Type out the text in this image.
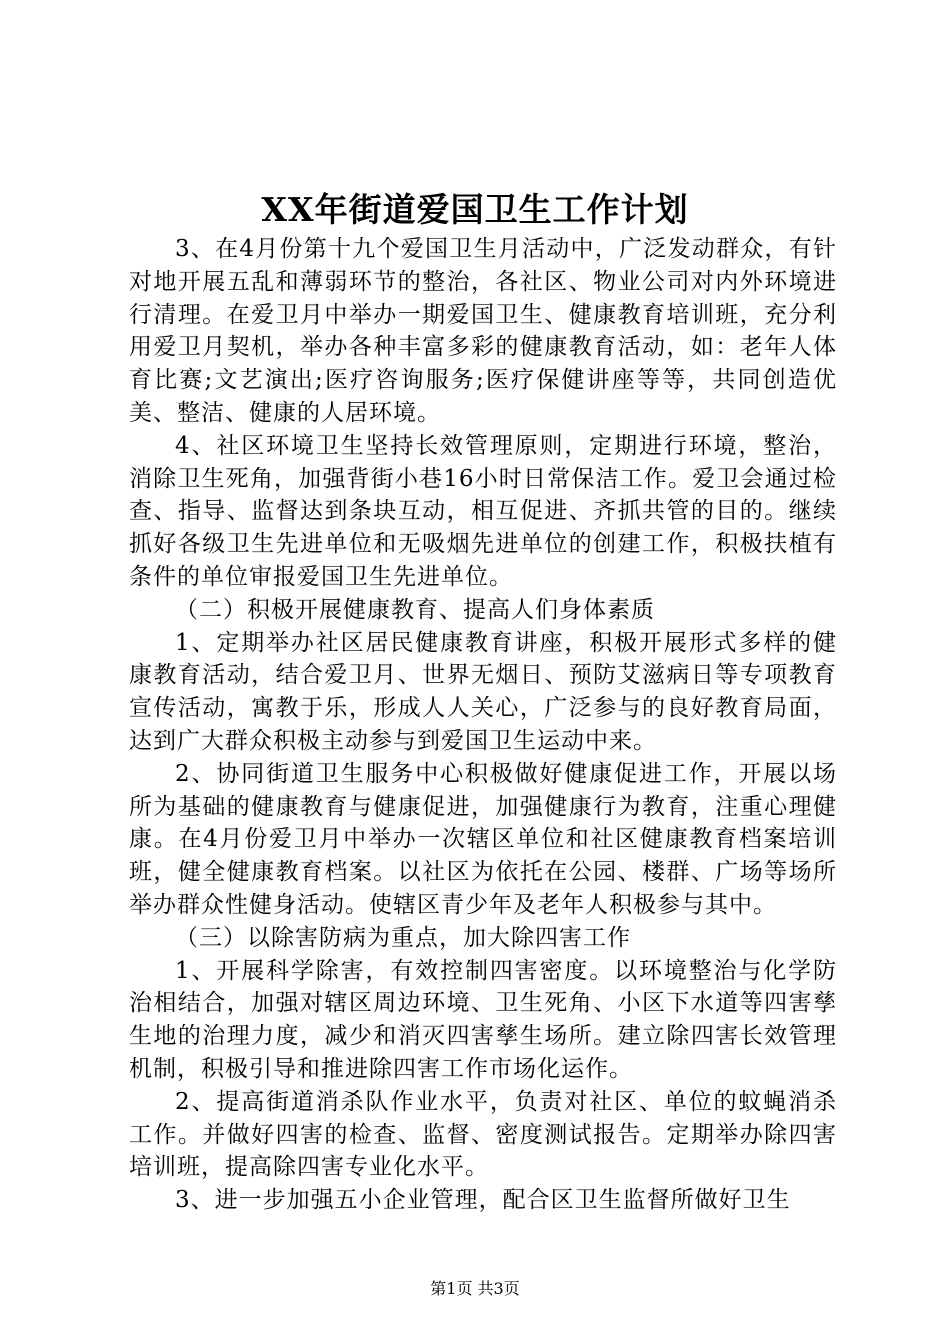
XX年街道爱国卫生工作计划

3、在4月份第十九个爱国卫生月活动中，广泛发动群众，有针对地开展五乱和薄弱环节的整治，各社区、物业公司对内外环境进行清理。在爱卫月中举办一期爱国卫生、健康教育培训班，充分利用爱卫月契机，举办各种丰富多彩的健康教育活动，如：老年人体育比赛;文艺演出;医疗咨询服务;医疗保健讲座等等，共同创造优美、整洁、健康的人居环境。

4、社区环境卫生坚持长效管理原则，定期进行环境，整治，消除卫生死角，加强背街小巷16小时日常保洁工作。爱卫会通过检查、指导、监督达到条块互动，相互促进、齐抓共管的目的。继续抓好各级卫生先进单位和无吸烟先进单位的创建工作，积极扶植有条件的单位审报爱国卫生先进单位。

（二）积极开展健康教育、提高人们身体素质

1、定期举办社区居民健康教育讲座，积极开展形式多样的健康教育活动，结合爱卫月、世界无烟日、预防艾滋病日等专项教育宣传活动，寓教于乐，形成人人关心，广泛参与的良好教育局面，达到广大群众积极主动参与到爱国卫生运动中来。

2、协同街道卫生服务中心积极做好健康促进工作，开展以场所为基础的健康教育与健康促进，加强健康行为教育，注重心理健康。在4月份爱卫月中举办一次辖区单位和社区健康教育档案培训班，健全健康教育档案。以社区为依托在公园、楼群、广场等场所举办群众性健身活动。使辖区青少年及老年人积极参与其中。

（三）以除害防病为重点，加大除四害工作

1、开展科学除害，有效控制四害密度。以环境整治与化学防治相结合，加强对辖区周边环境、卫生死角、小区下水道等四害孳生地的治理力度，减少和消灭四害孳生场所。建立除四害长效管理机制，积极引导和推进除四害工作市场化运作。

2、提高街道消杀队作业水平，负责对社区、单位的蚊蝇消杀工作。并做好四害的检查、监督、密度测试报告。定期举办除四害培训班，提高除四害专业化水平。

3、进一步加强五小企业管理，配合区卫生监督所做好卫生

第1页 共3页
